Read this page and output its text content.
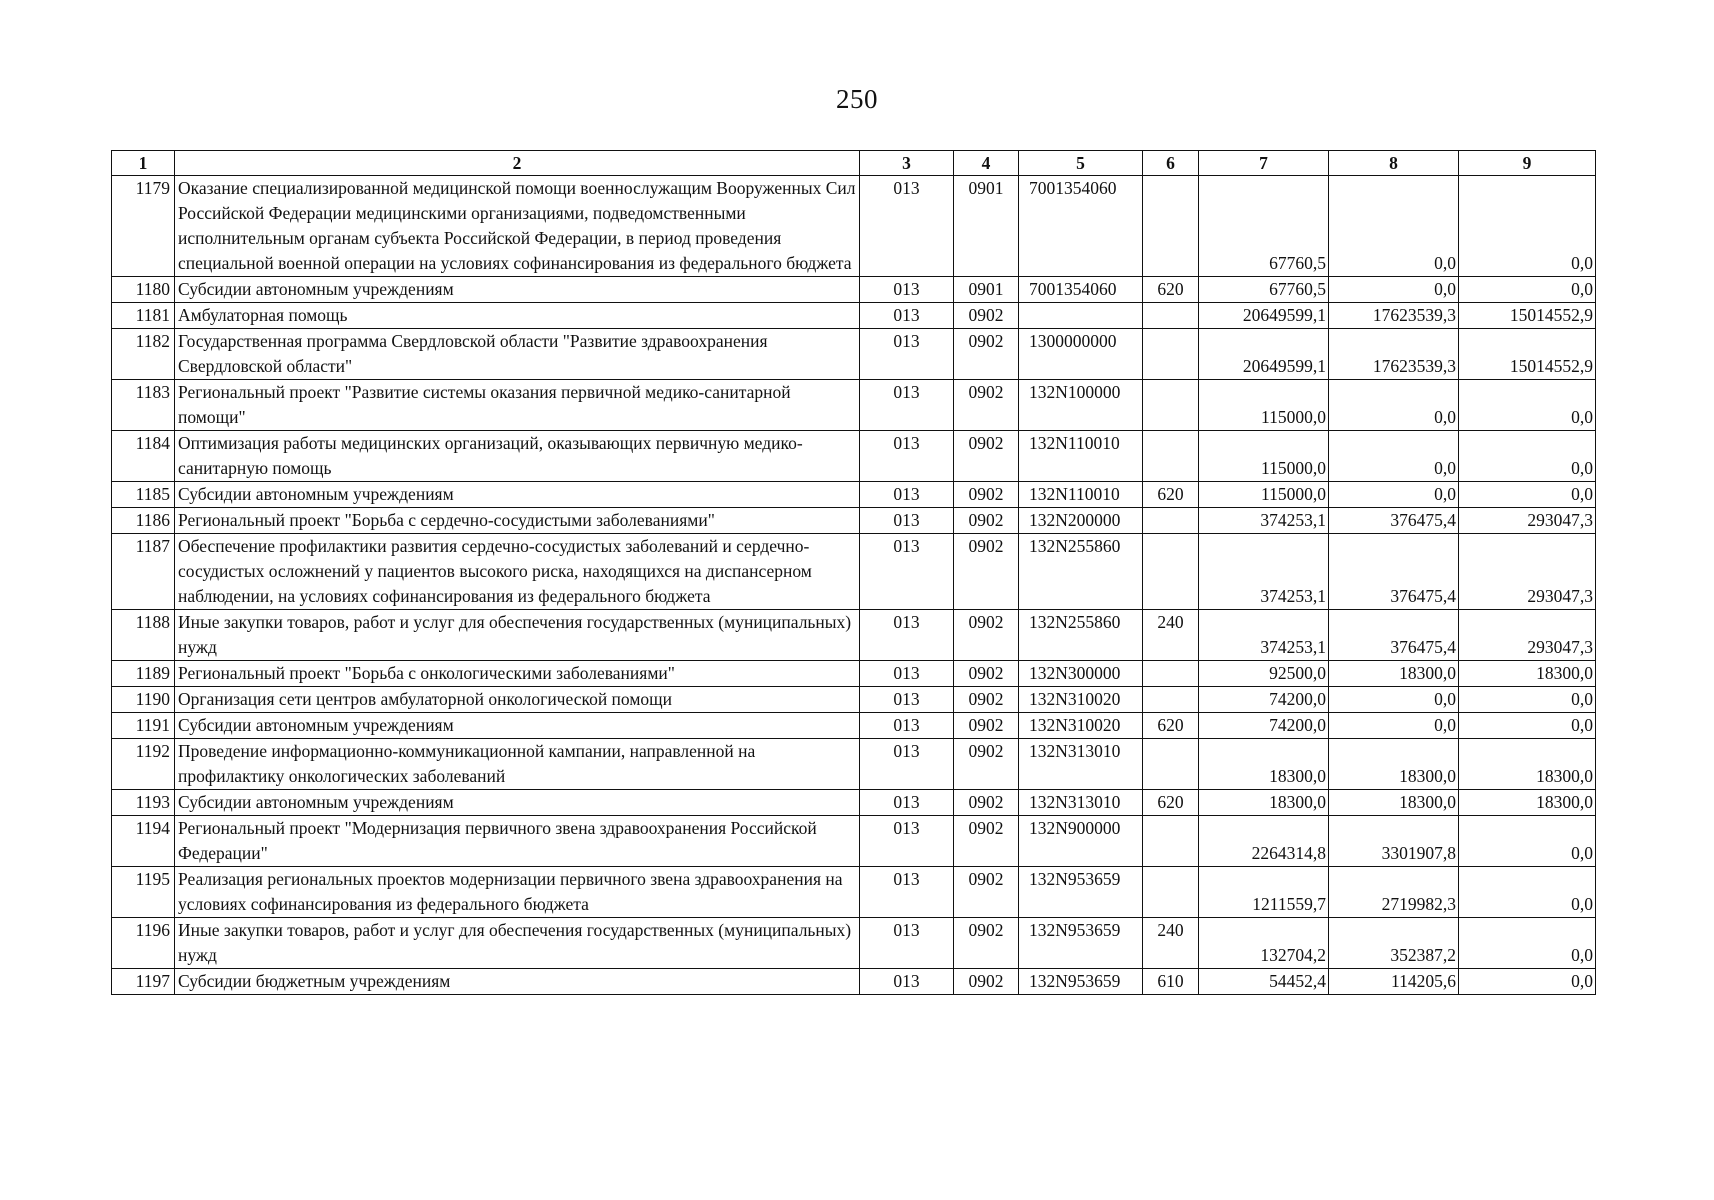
250
1	2	3	4	5	6	7	8	9
1179	Оказание специализированной медицинской помощи военнослужащим Вооруженных Сил Российской Федерации медицинскими организациями, подведомственными исполнительным органам субъекта Российской Федерации, в период проведения специальной военной операции на условиях софинансирования из федерального бюджета	013	0901	7001354060		67760,5	0,0	0,0
1180	Субсидии автономным учреждениям	013	0901	7001354060	620	67760,5	0,0	0,0
1181	Амбулаторная помощь	013	0902			20649599,1	17623539,3	15014552,9
1182	Государственная программа Свердловской области "Развитие здравоохранения Свердловской области"	013	0902	1300000000		20649599,1	17623539,3	15014552,9
1183	Региональный проект "Развитие системы оказания первичной медико-санитарной помощи"	013	0902	132N100000		115000,0	0,0	0,0
1184	Оптимизация работы медицинских организаций, оказывающих первичную медико-санитарную помощь	013	0902	132N110010		115000,0	0,0	0,0
1185	Субсидии автономным учреждениям	013	0902	132N110010	620	115000,0	0,0	0,0
1186	Региональный проект "Борьба с сердечно-сосудистыми заболеваниями"	013	0902	132N200000		374253,1	376475,4	293047,3
1187	Обеспечение профилактики развития сердечно-сосудистых заболеваний и сердечно-сосудистых осложнений у пациентов высокого риска, находящихся на диспансерном наблюдении, на условиях софинансирования из федерального бюджета	013	0902	132N255860		374253,1	376475,4	293047,3
1188	Иные закупки товаров, работ и услуг для обеспечения государственных (муниципальных) нужд	013	0902	132N255860	240	374253,1	376475,4	293047,3
1189	Региональный проект "Борьба с онкологическими заболеваниями"	013	0902	132N300000		92500,0	18300,0	18300,0
1190	Организация сети центров амбулаторной онкологической помощи	013	0902	132N310020		74200,0	0,0	0,0
1191	Субсидии автономным учреждениям	013	0902	132N310020	620	74200,0	0,0	0,0
1192	Проведение информационно-коммуникационной кампании, направленной на профилактику онкологических заболеваний	013	0902	132N313010		18300,0	18300,0	18300,0
1193	Субсидии автономным учреждениям	013	0902	132N313010	620	18300,0	18300,0	18300,0
1194	Региональный проект "Модернизация первичного звена здравоохранения Российской Федерации"	013	0902	132N900000		2264314,8	3301907,8	0,0
1195	Реализация региональных проектов модернизации первичного звена здравоохранения на условиях софинансирования из федерального бюджета	013	0902	132N953659		1211559,7	2719982,3	0,0
1196	Иные закупки товаров, работ и услуг для обеспечения государственных (муниципальных) нужд	013	0902	132N953659	240	132704,2	352387,2	0,0
1197	Субсидии бюджетным учреждениям	013	0902	132N953659	610	54452,4	114205,6	0,0
